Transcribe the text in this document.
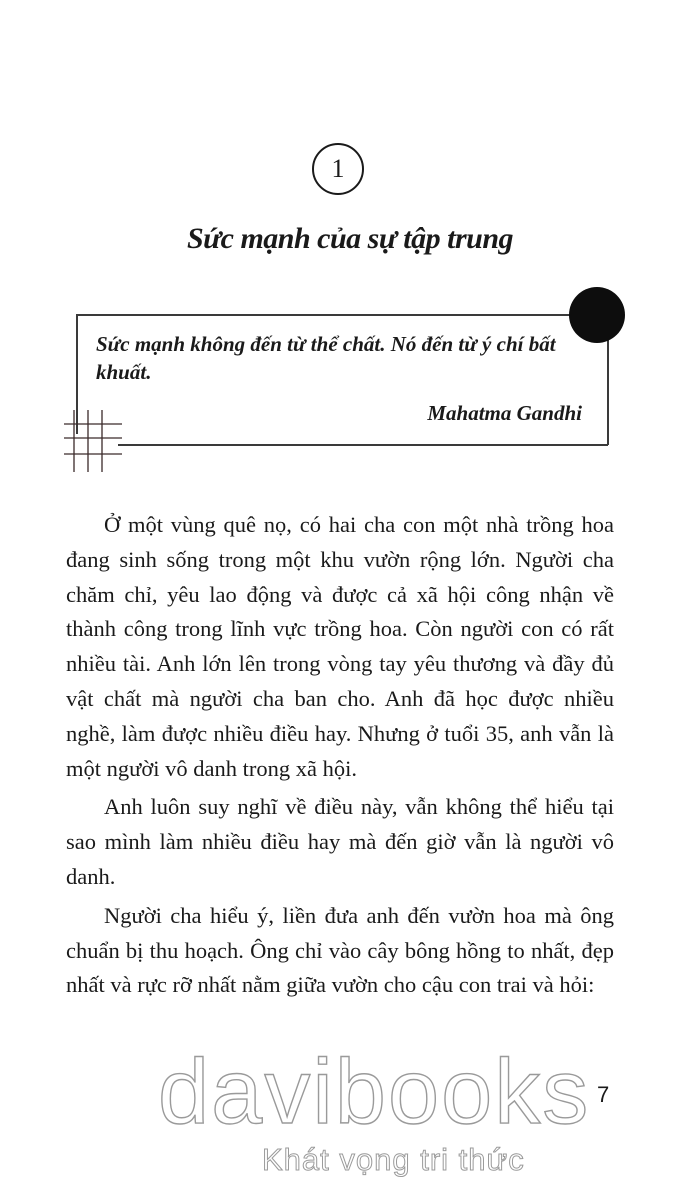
1
Sức mạnh của sự tập trung
Sức mạnh không đến từ thể chất. Nó đến từ ý chí bất khuất.
Mahatma Gandhi

Ở một vùng quê nọ, có hai cha con một nhà trồng hoa đang sinh sống trong một khu vườn rộng lớn. Người cha chăm chỉ, yêu lao động và được cả xã hội công nhận về thành công trong lĩnh vực trồng hoa. Còn người con có rất nhiều tài. Anh lớn lên trong vòng tay yêu thương và đầy đủ vật chất mà người cha ban cho. Anh đã học được nhiều nghề, làm được nhiều điều hay. Nhưng ở tuổi 35, anh vẫn là một người vô danh trong xã hội.

Anh luôn suy nghĩ về điều này, vẫn không thể hiểu tại sao mình làm nhiều điều hay mà đến giờ vẫn là người vô danh.

Người cha hiểu ý, liền đưa anh đến vườn hoa mà ông chuẩn bị thu hoạch. Ông chỉ vào cây bông hồng to nhất, đẹp nhất và rực rỡ nhất nằm giữa vườn cho cậu con trai và hỏi:

7
davibooks
Khát vọng tri thức
